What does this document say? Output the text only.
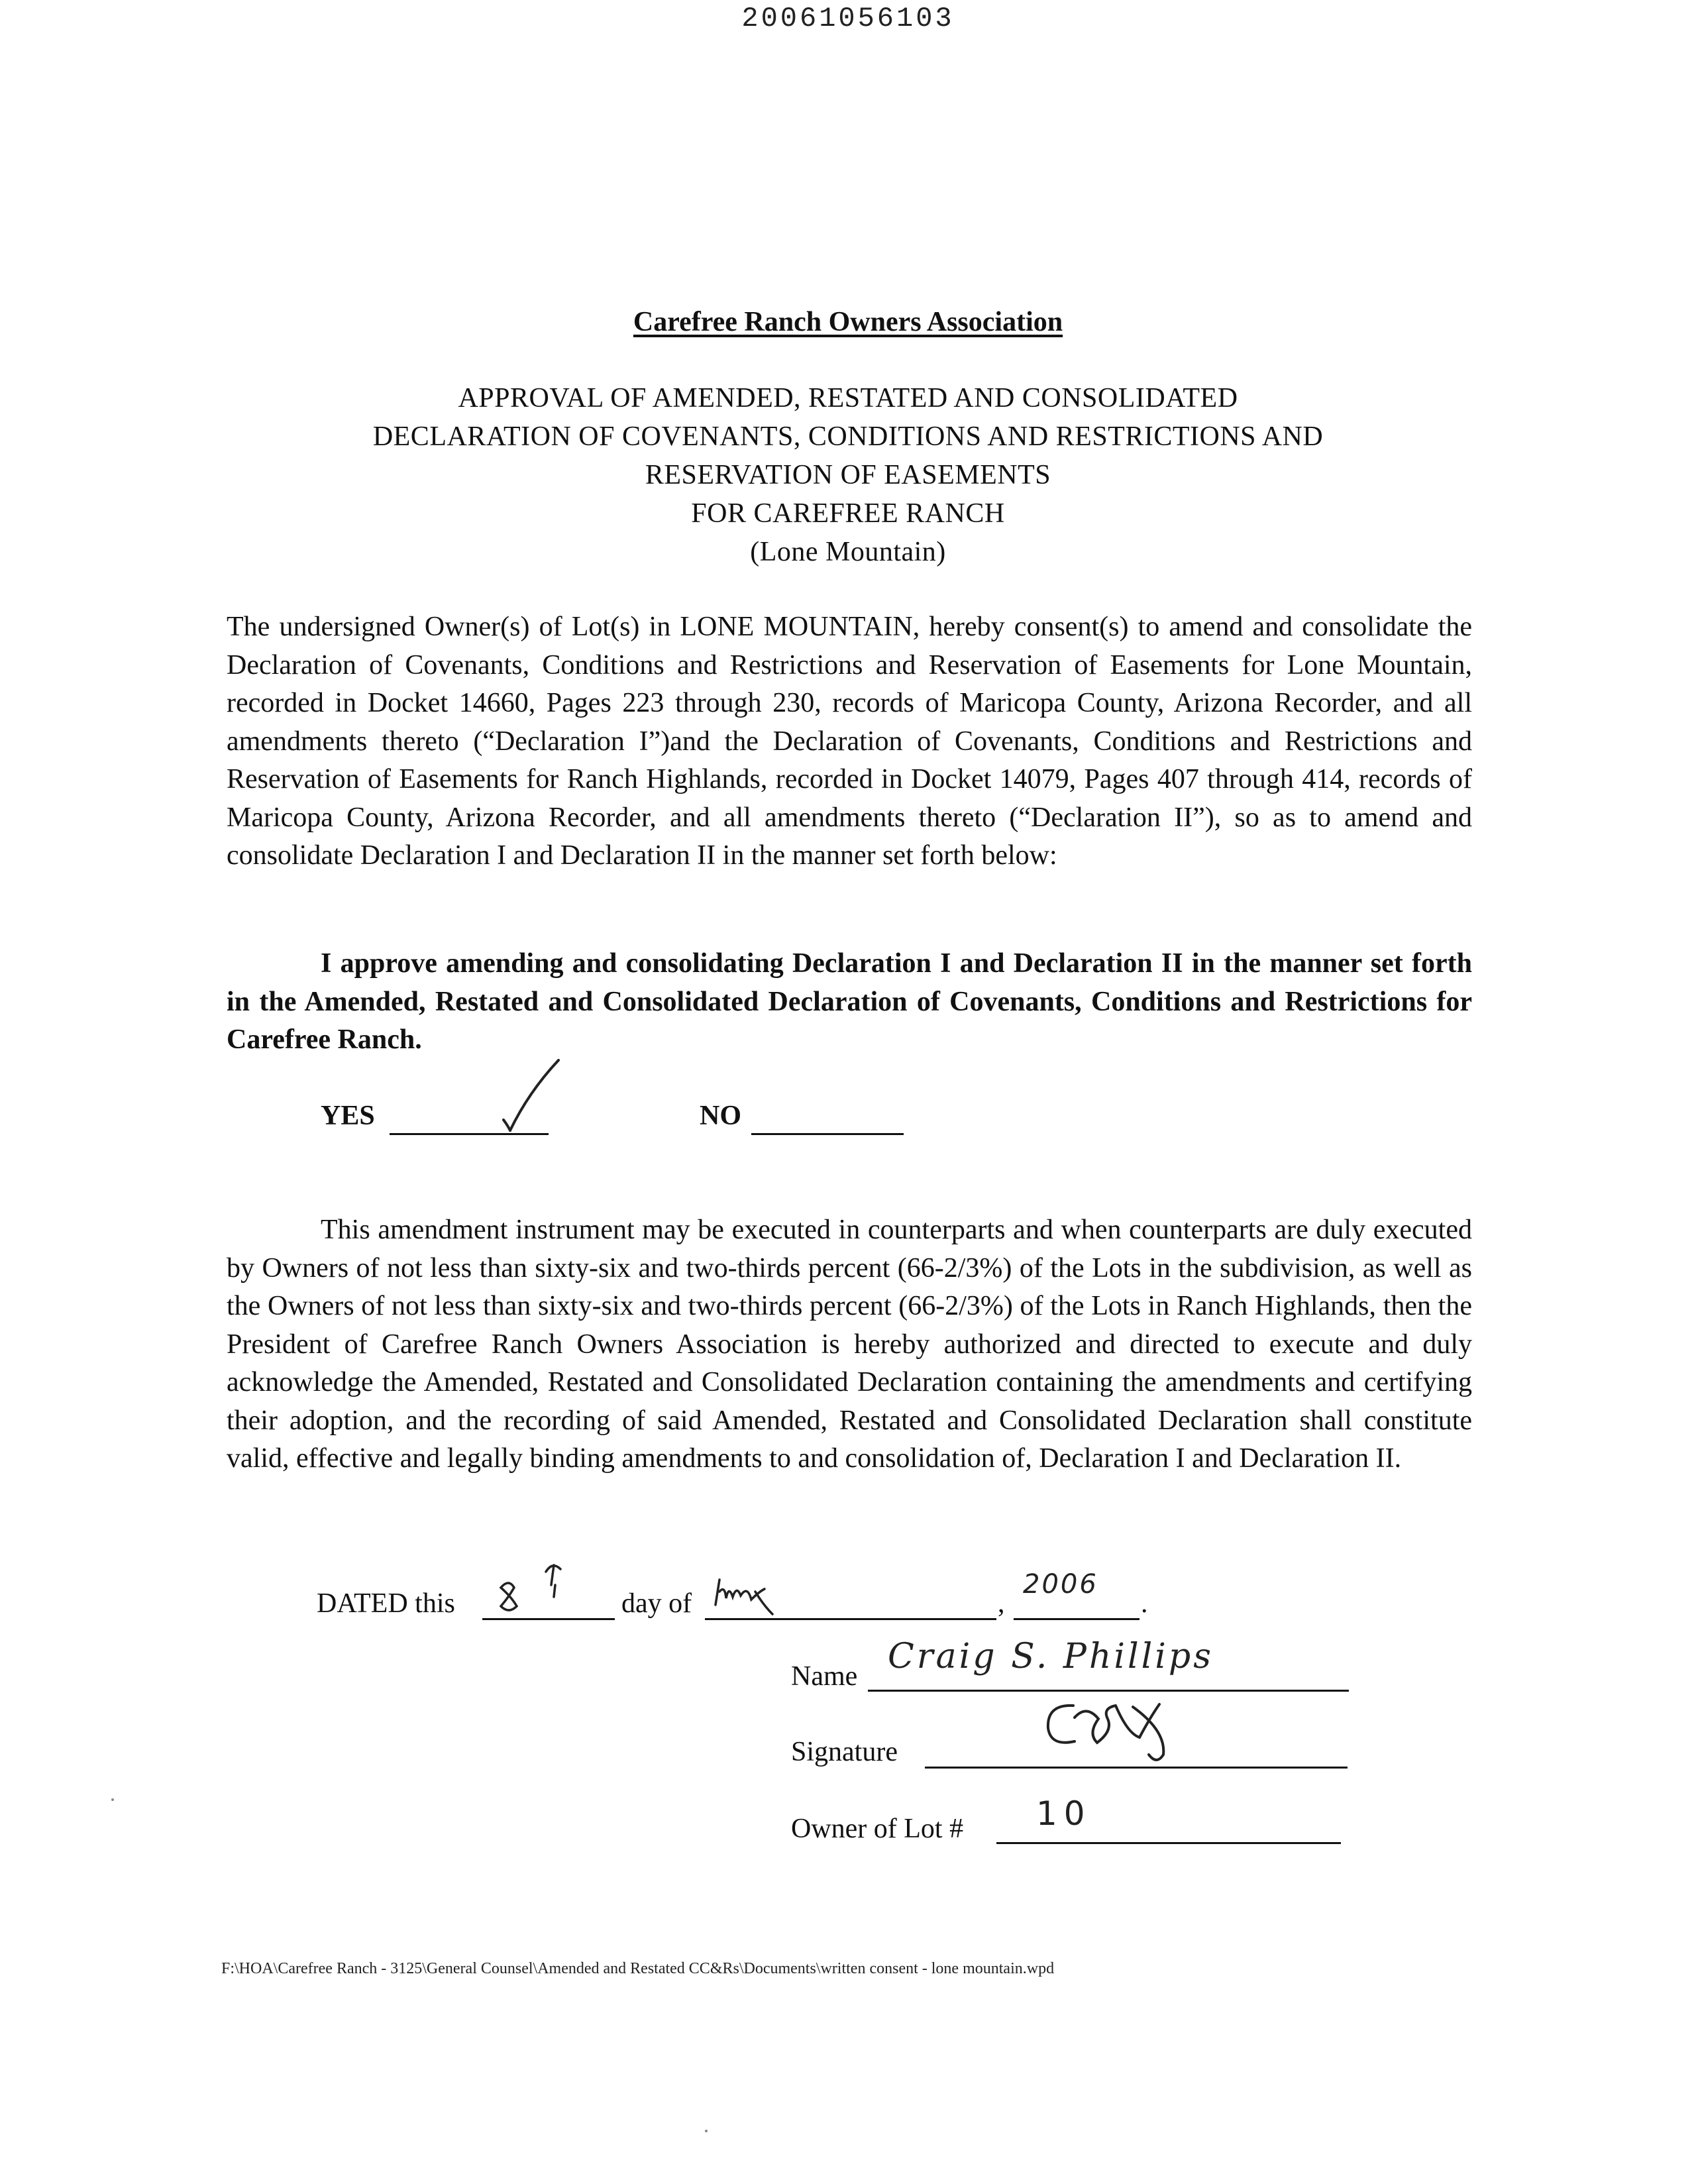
20061056103
Carefree Ranch Owners Association
APPROVAL OF AMENDED, RESTATED AND CONSOLIDATED
DECLARATION OF COVENANTS, CONDITIONS AND RESTRICTIONS AND
RESERVATION OF EASEMENTS
FOR CAREFREE RANCH
(Lone Mountain)
The undersigned Owner(s) of Lot(s) in LONE MOUNTAIN, hereby consent(s) to amend and consolidate the Declaration of Covenants, Conditions and Restrictions and Reservation of Easements for Lone Mountain, recorded in Docket 14660, Pages 223 through 230, records of Maricopa County, Arizona Recorder, and all amendments thereto (“Declaration I”)and the Declaration of Covenants, Conditions and Restrictions and Reservation of Easements for Ranch Highlands, recorded in Docket 14079, Pages 407 through 414, records of Maricopa County, Arizona Recorder, and all amendments thereto (“Declaration II”), so as to amend and consolidate Declaration I and Declaration II in the manner set forth below:
I approve amending and consolidating Declaration I and Declaration II in the manner set forth in the Amended, Restated and Consolidated Declaration of Covenants, Conditions and Restrictions for Carefree Ranch.
YES	NO
This amendment instrument may be executed in counterparts and when counterparts are duly executed by Owners of not less than sixty-six and two-thirds percent (66-2/3%) of the Lots in the subdivision, as well as the Owners of not less than sixty-six and two-thirds percent (66-2/3%) of the Lots in Ranch Highlands, then the President of Carefree Ranch Owners Association is hereby authorized and directed to execute and duly acknowledge the Amended, Restated and Consolidated Declaration containing the amendments and certifying their adoption, and the recording of said Amended, Restated and Consolidated Declaration shall constitute valid, effective and legally binding amendments to and consolidation of, Declaration I and Declaration II.
DATED this	day of	,
2006
.
Name Craig S. Phillips
Signature
Owner of Lot # 10
F:\HOA\Carefree Ranch - 3125\General Counsel\Amended and Restated CC&Rs\Documents\written consent - lone mountain.wpd
